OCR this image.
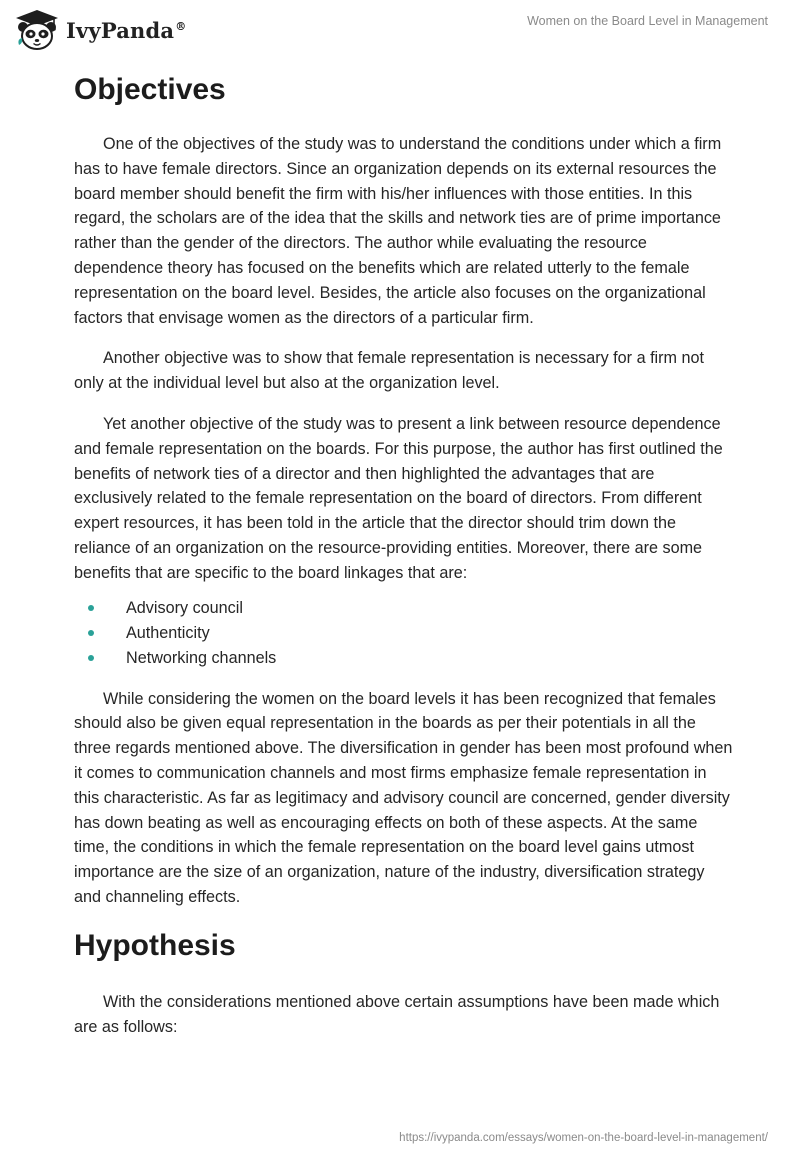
IvyPanda®	Women on the Board Level in Management
Objectives

One of the objectives of the study was to understand the conditions under which a firm has to have female directors. Since an organization depends on its external resources the board member should benefit the firm with his/her influences with those entities. In this regard, the scholars are of the idea that the skills and network ties are of prime importance rather than the gender of the directors. The author while evaluating the resource dependence theory has focused on the benefits which are related utterly to the female representation on the board level. Besides, the article also focuses on the organizational factors that envisage women as the directors of a particular firm.

Another objective was to show that female representation is necessary for a firm not only at the individual level but also at the organization level.

Yet another objective of the study was to present a link between resource dependence and female representation on the boards. For this purpose, the author has first outlined the benefits of network ties of a director and then highlighted the advantages that are exclusively related to the female representation on the board of directors. From different expert resources, it has been told in the article that the director should trim down the reliance of an organization on the resource-providing entities. Moreover, there are some benefits that are specific to the board linkages that are:

Advisory council
Authenticity
Networking channels

While considering the women on the board levels it has been recognized that females should also be given equal representation in the boards as per their potentials in all the three regards mentioned above. The diversification in gender has been most profound when it comes to communication channels and most firms emphasize female representation in this characteristic. As far as legitimacy and advisory council are concerned, gender diversity has down beating as well as encouraging effects on both of these aspects. At the same time, the conditions in which the female representation on the board level gains utmost importance are the size of an organization, nature of the industry, diversification strategy and channeling effects.

Hypothesis

With the considerations mentioned above certain assumptions have been made which are as follows:

https://ivypanda.com/essays/women-on-the-board-level-in-management/
